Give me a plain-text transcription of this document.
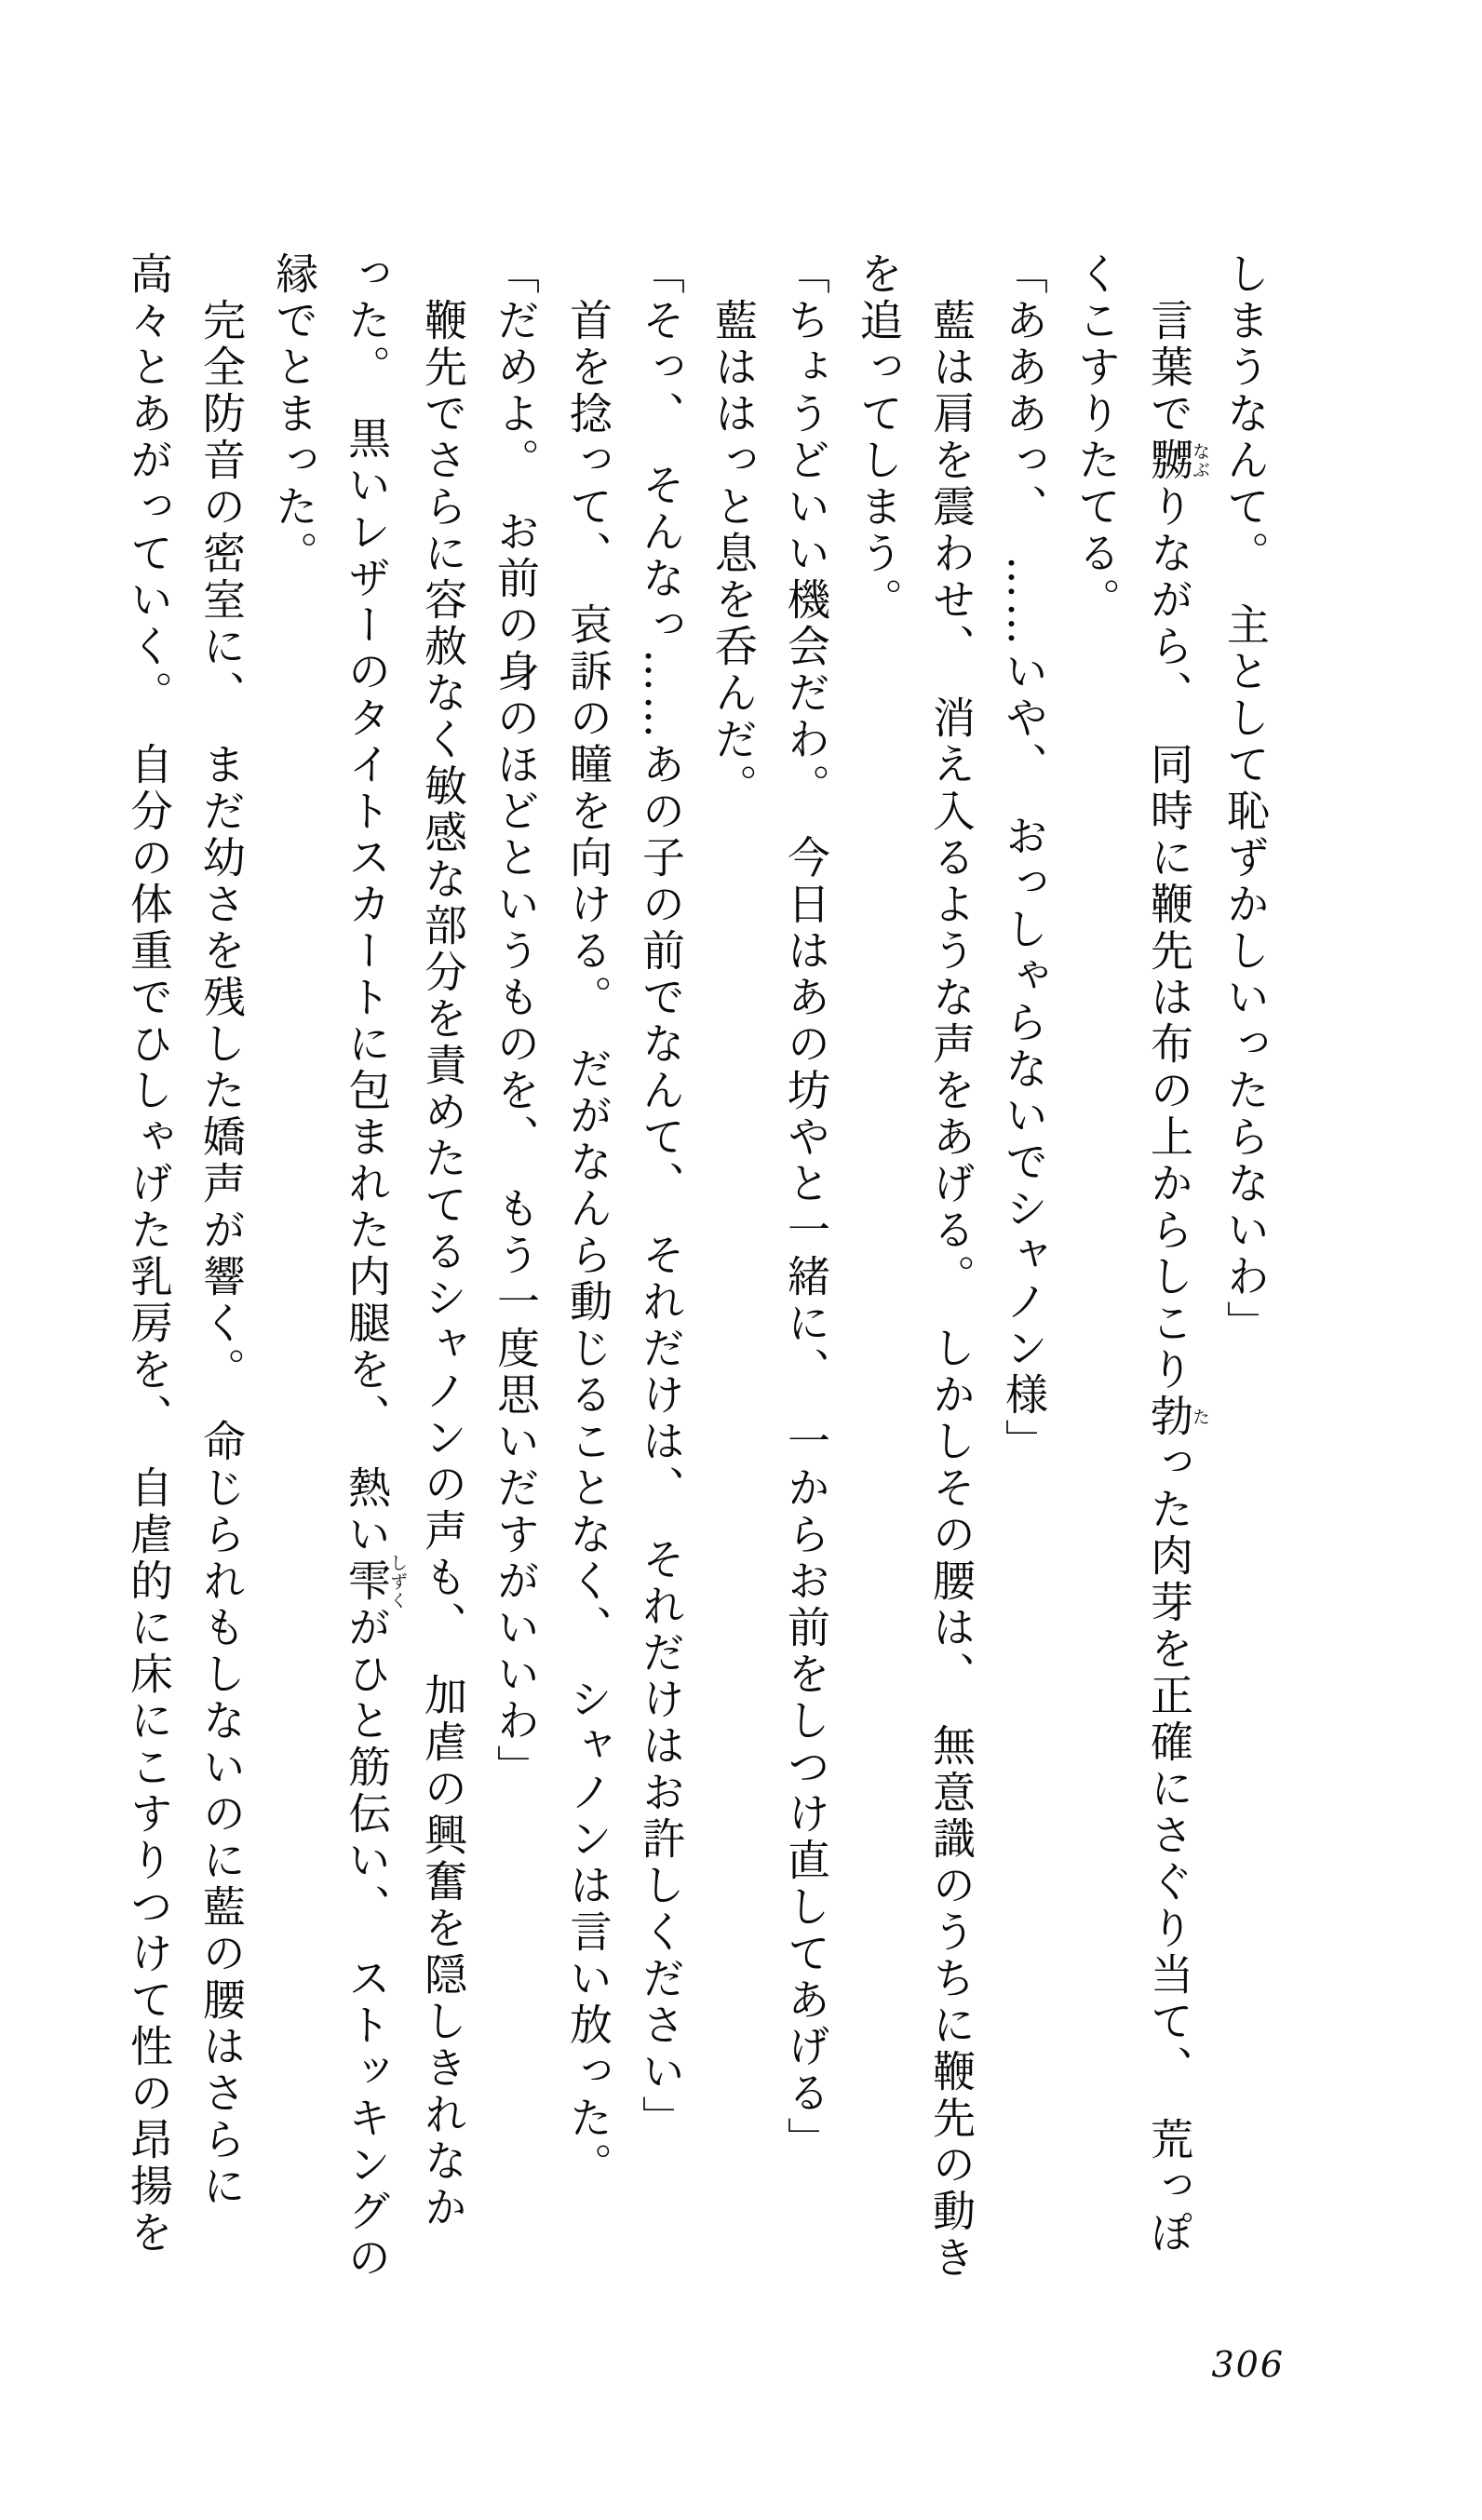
しまうなんて。　主として恥ずかしいったらないわ」

言葉で嬲なぶりながら、　同時に鞭先は布の上からしこり勃たった肉芽を正確にさぐり当て、　荒っぽ

くこすりたてる。

「あああっ、　……いや、　おっしゃらないでシャノン様」

藍は肩を震わせ、　消え入るような声をあげる。　しかしその腰は、　無意識のうちに鞭先の動き

を追ってしまう。

「ちょうどいい機会だわ。　今日はあの坊やと一緒に、　一からお前をしつけ直してあげる」

藍ははっと息を呑んだ。

「そっ、　そんなっ……あの子の前でなんて、　それだけは、　それだけはお許しください」

首を捻って、　哀訴の瞳を向ける。　だがなんら動じることなく、　シャノンは言い放った。

「だめよ。　お前の身のほどというものを、　もう一度思いだすがいいわ」

鞭先でさらに容赦なく敏感な部分を責めたてるシャノンの声も、　加虐の興奮を隠しきれなか

った。　黒いレザーのタイトスカートに包まれた内腿を、　熱い雫しずくがひと筋伝い、　ストッキングの

縁でとまった。

完全防音の密室に、　まだ幼さを残した嬌声が響く。　命じられもしないのに藍の腰はさらに

高々とあがっていく。　自分の体重でひしゃげた乳房を、　自虐的に床にこすりつけて性の昂揚を

306
